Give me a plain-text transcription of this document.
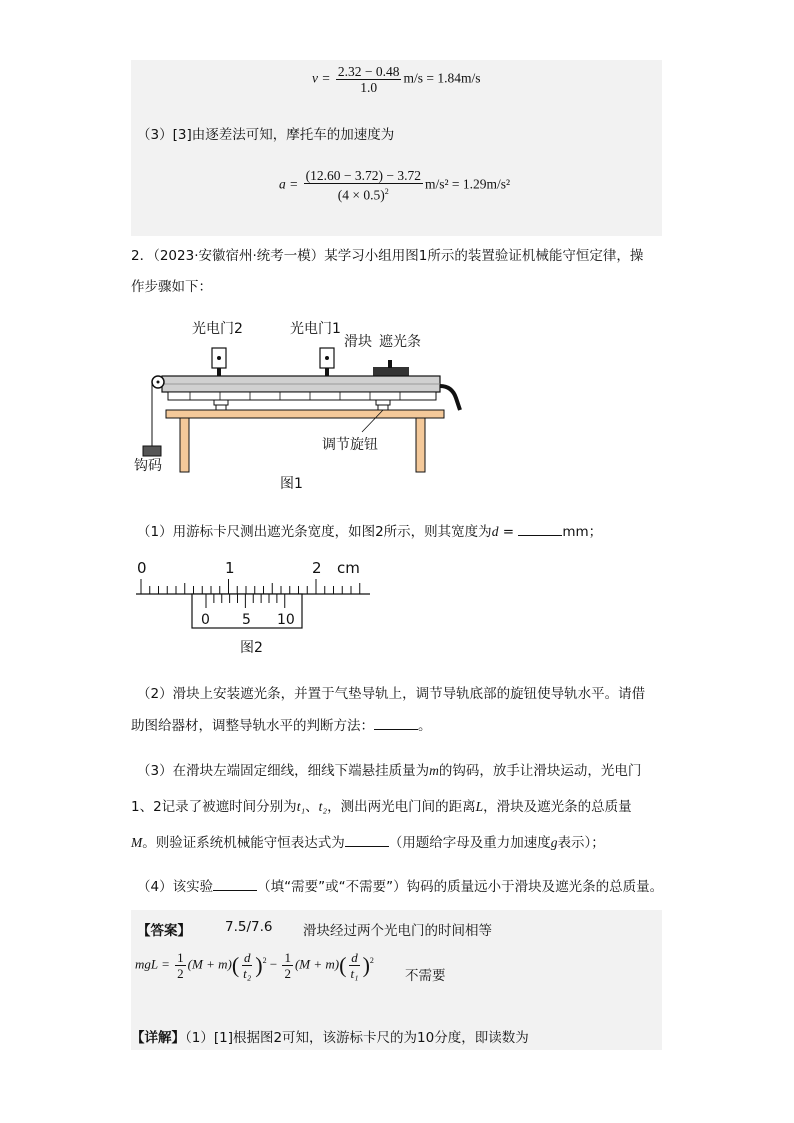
$v = \frac{2.32 - 0.48}{1.0} m/s = 1.84m/s$
（3）[3]由逐差法可知，摩托车的加速度为
$a = \frac{(12.60 - 3.72) - 3.72}{(4 \times 0.5)^2} m/s^2 = 1.29m/s^2$
2．（2023·安徽宿州·统考一模）某学习小组用图1所示的装置验证机械能守恒定律，操
作步骤如下：
光电门2	光电门1
滑块 遮光条
钩码
调节旋钮
图1
（1）用游标卡尺测出遮光条宽度，如图2所示，则其宽度为d =	mm；
0	1	2 cm
0 5 10
图2
（2）滑块上安装遮光条，并置于气垫导轨上，调节导轨底部的旋钮使导轨水平。请借
助图给器材，调整导轨水平的判断方法：	。
（3）在滑块左端固定细线，细线下端悬挂质量为m的钩码，放手让滑块运动，光电门
1、2记录了被遮时间分别为t₁、t₂，测出两光电门间的距离L，滑块及遮光条的总质量
M。则验证系统机械能守恒表达式为	（用题给字母及重力加速度g表示）；
（4）该实验	（填“需要”或“不需要”）钩码的质量远小于滑块及遮光条的总质量。
【答案】	7.5/7.6 滑块经过两个光电门的时间相等
mgL = $\frac{1}{2} (M + m)( \frac{d}{\text{t₂}} )^2 - \frac{1}{2} (M + m)( \frac{d}{\text{t₁}} )^2$
不需要
【详解】（1）[1]根据图2可知，该游标卡尺的为10分度，即读数为
